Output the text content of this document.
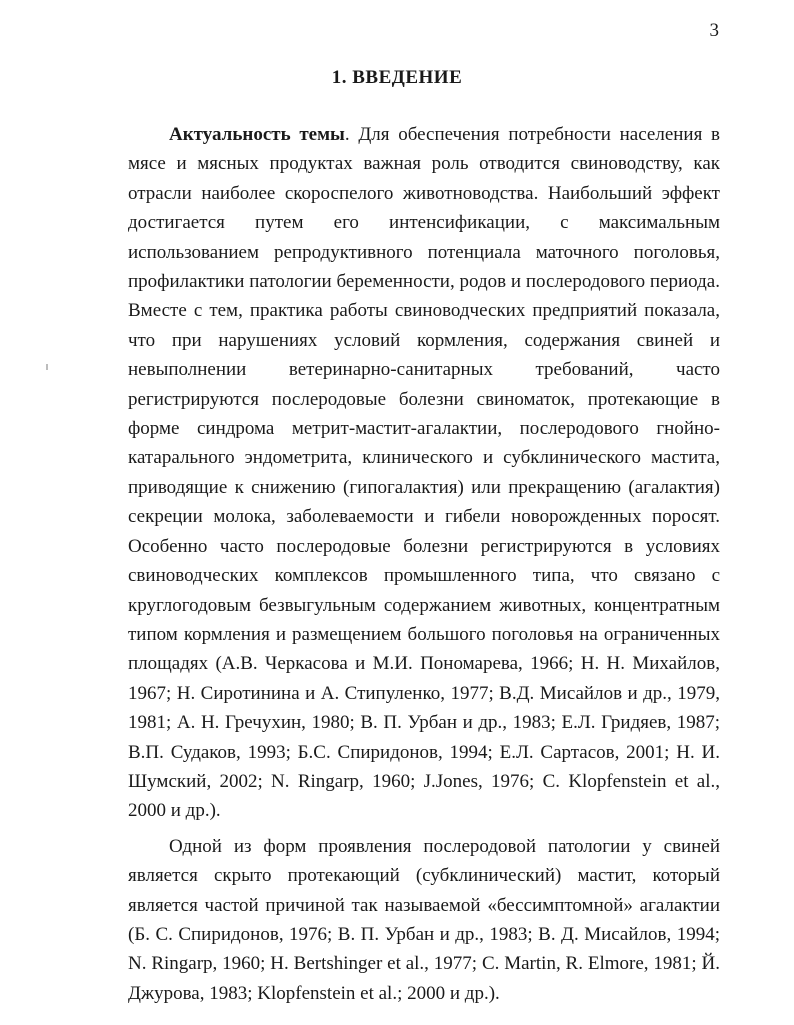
3
1. ВВЕДЕНИЕ

Актуальность темы. Для обеспечения потребности населения в мясе и мясных продуктах важная роль отводится свиноводству, как отрасли наиболее скороспелого животноводства. Наибольший эффект достигается путем его интенсификации, с максимальным использованием репродуктивного потенциала маточного поголовья, профилактики патологии беременности, родов и послеродового периода. Вместе с тем, практика работы свиноводческих предприятий показала, что при нарушениях условий кормления, содержания свиней и невыполнении ветеринарно-санитарных требований, часто регистрируются послеродовые болезни свиноматок, протекающие в форме синдрома метрит-мастит-агалактии, послеродового гнойно-катарального эндометрита, клинического и субклинического мастита, приводящие к снижению (гипогалактия) или прекращению (агалактия) секреции молока, заболеваемости и гибели новорожденных поросят. Особенно часто послеродовые болезни регистрируются в условиях свиноводческих комплексов промышленного типа, что связано с круглогодовым безвыгульным содержанием животных, концентратным типом кормления и размещением большого поголовья на ограниченных площадях (А.В. Черкасова и М.И. Пономарева, 1966; Н. Н. Михайлов, 1967; Н. Сиротинина и А. Стипуленко, 1977; В.Д. Мисайлов и др., 1979, 1981; А. Н. Гречухин, 1980; В. П. Урбан и др., 1983; Е.Л. Гридяев, 1987; В.П. Судаков, 1993; Б.С. Спиридонов, 1994; Е.Л. Сартасов, 2001; Н. И. Шумский, 2002; N. Ringarp, 1960; J.Jones, 1976; C. Klopfenstein et al., 2000 и др.).

Одной из форм проявления послеродовой патологии у свиней является скрыто протекающий (субклинический) мастит, который является частой причиной так называемой «бессимптомной» агалактии (Б. С. Спиридонов, 1976; В. П. Урбан и др., 1983; В. Д. Мисайлов, 1994; N. Ringarp, 1960; H. Bertshinger et al., 1977; C. Martin, R. Elmore, 1981; Й. Джурова, 1983; Klopfenstein et al.; 2000 и др.).
